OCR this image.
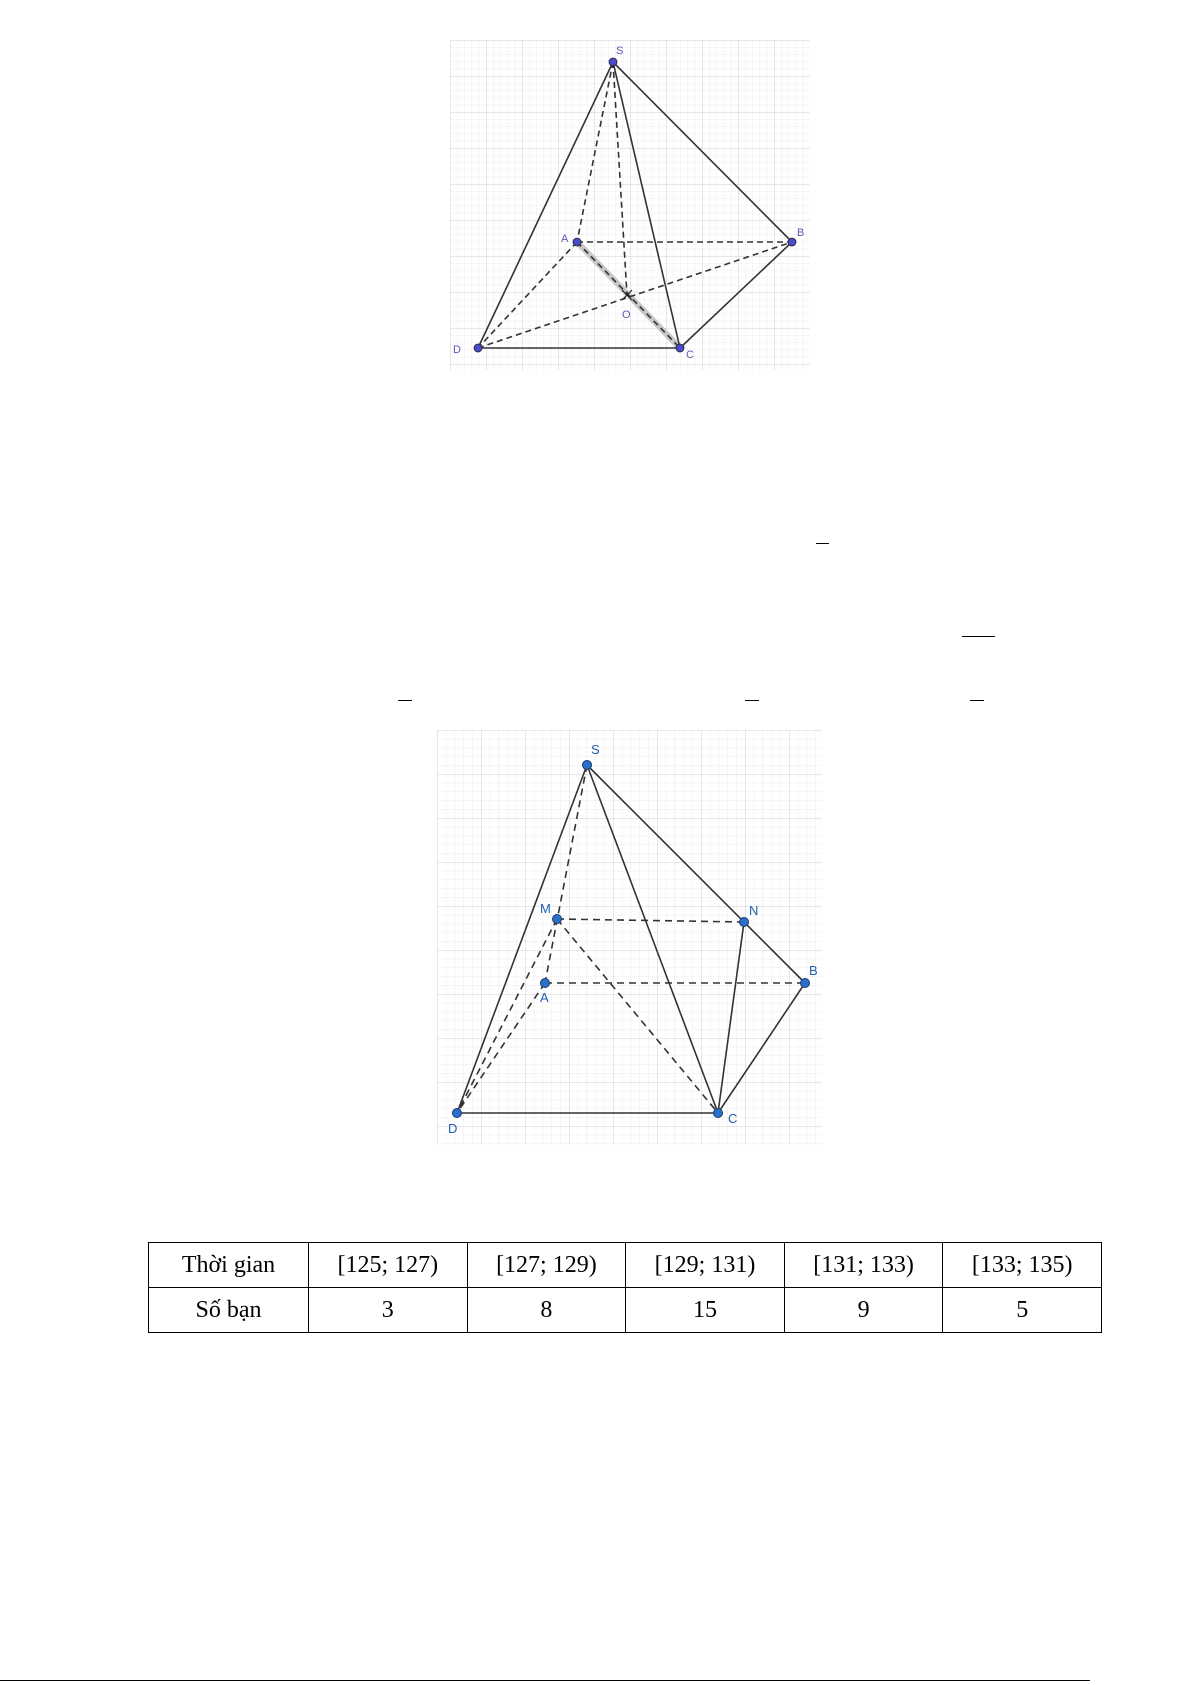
S
A	B
C
D
O
S
M	N
A
B
C
D
Thời gian	[125; 127)	[127; 129)	[129; 131)	[131; 133)	[133; 135)
Số bạn	3	8	15	9	5
